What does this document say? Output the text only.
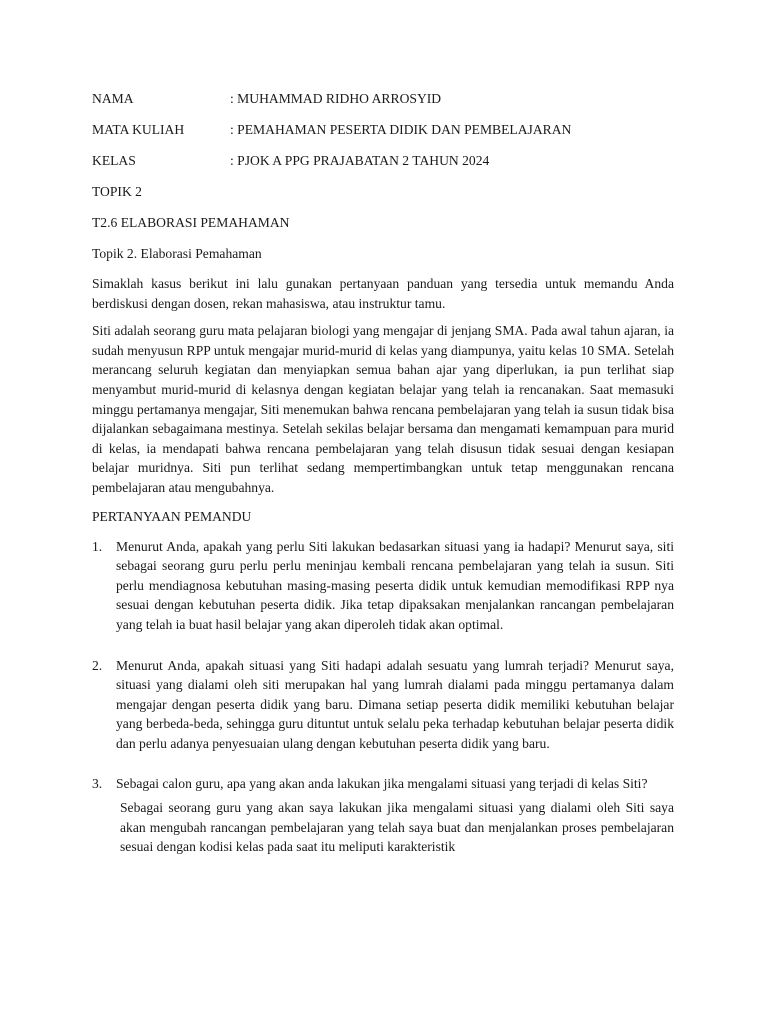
NAMA	: MUHAMMAD RIDHO ARROSYID
MATA KULIAH	: PEMAHAMAN PESERTA DIDIK DAN PEMBELAJARAN
KELAS	: PJOK A PPG PRAJABATAN 2 TAHUN 2024
TOPIK 2
T2.6 ELABORASI PEMAHAMAN
Topik 2. Elaborasi Pemahaman

Simaklah kasus berikut ini lalu gunakan pertanyaan panduan yang tersedia untuk memandu Anda berdiskusi dengan dosen, rekan mahasiswa, atau instruktur tamu.

Siti adalah seorang guru mata pelajaran biologi yang mengajar di jenjang SMA. Pada awal tahun ajaran, ia sudah menyusun RPP untuk mengajar murid-murid di kelas yang diampunya, yaitu kelas 10 SMA. Setelah merancang seluruh kegiatan dan menyiapkan semua bahan ajar yang diperlukan, ia pun terlihat siap menyambut murid-murid di kelasnya dengan kegiatan belajar yang telah ia rencanakan. Saat memasuki minggu pertamanya mengajar, Siti menemukan bahwa rencana pembelajaran yang telah ia susun tidak bisa dijalankan sebagaimana mestinya. Setelah sekilas belajar bersama dan mengamati kemampuan para murid di kelas, ia mendapati bahwa rencana pembelajaran yang telah disusun tidak sesuai dengan kesiapan belajar muridnya. Siti pun terlihat sedang mempertimbangkan untuk tetap menggunakan rencana pembelajaran atau mengubahnya.

PERTANYAAN PEMANDU
1. Menurut Anda, apakah yang perlu Siti lakukan bedasarkan situasi yang ia hadapi? Menurut saya, siti sebagai seorang guru perlu perlu meninjau kembali rencana pembelajaran yang telah ia susun. Siti perlu mendiagnosa kebutuhan masing-masing peserta didik untuk kemudian memodifikasi RPP nya sesuai dengan kebutuhan peserta didik. Jika tetap dipaksakan menjalankan rancangan pembelajaran yang telah ia buat hasil belajar yang akan diperoleh tidak akan optimal.
2. Menurut Anda, apakah situasi yang Siti hadapi adalah sesuatu yang lumrah terjadi? Menurut saya, situasi yang dialami oleh siti merupakan hal yang lumrah dialami pada minggu pertamanya dalam mengajar dengan peserta didik yang baru. Dimana setiap peserta didik memiliki kebutuhan belajar yang berbeda-beda, sehingga guru dituntut untuk selalu peka terhadap kebutuhan belajar peserta didik dan perlu adanya penyesuaian ulang dengan kebutuhan peserta didik yang baru.
3. Sebagai calon guru, apa yang akan anda lakukan jika mengalami situasi yang terjadi di kelas Siti?
Sebagai seorang guru yang akan saya lakukan jika mengalami situasi yang dialami oleh Siti saya akan mengubah rancangan pembelajaran yang telah saya buat dan menjalankan proses pembelajaran sesuai dengan kodisi kelas pada saat itu meliputi karakteristik
